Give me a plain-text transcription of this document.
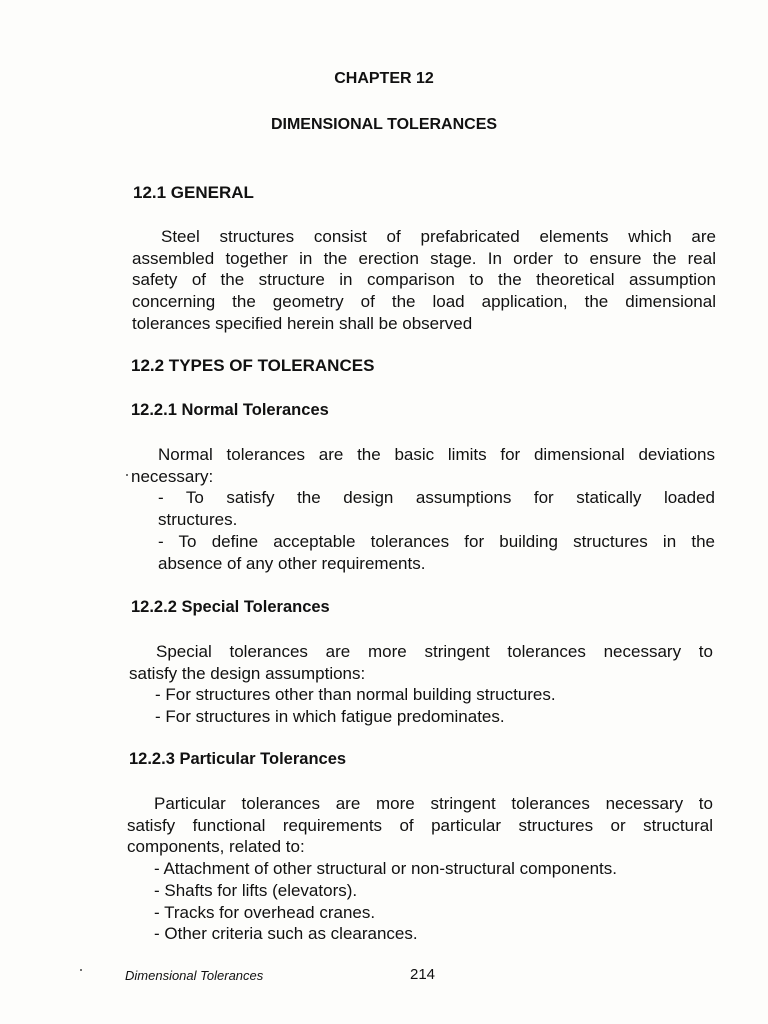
CHAPTER 12
DIMENSIONAL TOLERANCES
12.1 GENERAL
Steel structures consist of prefabricated elements which are
assembled together in the erection stage. In order to ensure the real
safety of the structure in comparison to the theoretical assumption
concerning the geometry of the load application, the dimensional
tolerances specified herein shall be observed
12.2 TYPES OF TOLERANCES
12.2.1 Normal Tolerances
Normal tolerances are the basic limits for dimensional deviations
necessary:
- To satisfy the design assumptions for statically loaded
structures.
- To define acceptable tolerances for building structures in the
absence of any other requirements.
12.2.2 Special Tolerances
Special tolerances are more stringent tolerances necessary to
satisfy the design assumptions:
- For structures other than normal building structures.
- For structures in which fatigue predominates.
12.2.3 Particular Tolerances
Particular tolerances are more stringent tolerances necessary to
satisfy functional requirements of particular structures or structural
components, related to:
- Attachment of other structural or non-structural components.
- Shafts for lifts (elevators).
- Tracks for overhead cranes.
- Other criteria such as clearances.
Dimensional Tolerances	214
